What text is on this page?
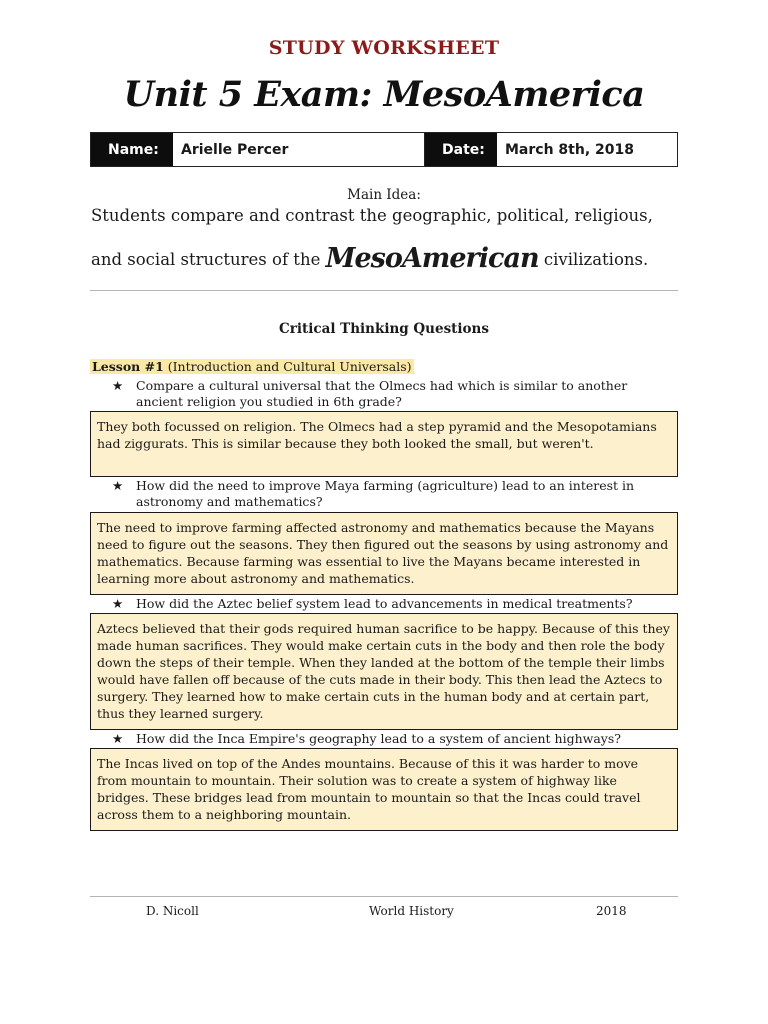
STUDY WORKSHEET
Unit 5 Exam: MesoAmerica
Name:	Arielle Percer	Date:	March 8th, 2018
Main Idea:
Students compare and contrast the geographic, political, religious,
and social structures of the MesoAmerican civilizations.
Critical Thinking Questions
Lesson #1 (Introduction and Cultural Universals)
★ Compare a cultural universal that the Olmecs had which is similar to another ancient religion you studied in 6th grade?
They both focussed on religion. The Olmecs had a step pyramid and the Mesopotamians had ziggurats. This is similar because they both looked the small, but weren't.
★ How did the need to improve Maya farming (agriculture) lead to an interest in astronomy and mathematics?
The need to improve farming affected astronomy and mathematics because the Mayans need to figure out the seasons. They then figured out the seasons by using astronomy and mathematics. Because farming was essential to live the Mayans became interested in learning more about astronomy and mathematics.
★ How did the Aztec belief system lead to advancements in medical treatments?
Aztecs believed that their gods required human sacrifice to be happy. Because of this they made human sacrifices. They would make certain cuts in the body and then role the body down the steps of their temple. When they landed at the bottom of the temple their limbs would have fallen off because of the cuts made in their body. This then lead the Aztecs to surgery. They learned how to make certain cuts in the human body and at certain part, thus they learned surgery.
★ How did the Inca Empire's geography lead to a system of ancient highways?
The Incas lived on top of the Andes mountains. Because of this it was harder to move from mountain to mountain. Their solution was to create a system of highway like bridges. These bridges lead from mountain to mountain so that the Incas could travel across them to a neighboring mountain.
D. Nicoll	World History	2018
